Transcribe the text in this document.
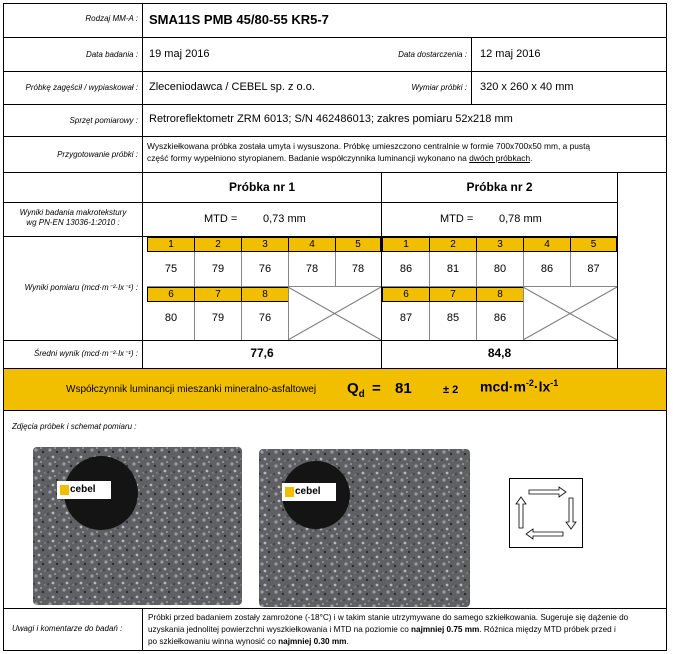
Rodzaj MM-A : SMA11S PMB 45/80-55 KR5-7
Data badania : 19 maj 2016	Data dostarczenia : 12 maj 2016
Próbkę zagęścił / wypiaskował : Zleceniodawca / CEBEL sp. z o.o.	Wymiar próbki : 320 x 260 x 40 mm
Sprzęt pomiarowy : Retroreflektometr ZRM 6013; S/N 462486013; zakres pomiaru 52x218 mm
Przygotowanie próbki :
Wyszkiełkowana próbka została umyta i wysuszona. Próbkę umieszczono centralnie w formie 700x700x50 mm, a pustą
część formy wypełniono styropianem. Badanie współczynnika luminancji wykonano na dwóch próbkach.
Próbka nr 1	Próbka nr 2
Wyniki badania makrotekstury
wg PN-EN 13036-1:2010 :	MTD = 0,73 mm	MTD = 0,78 mm
Wyniki pomiaru (mcd·m⁻²·lx⁻¹) :
1	2	3	4	5
75	79	76	78	78
6	7	8
80	79	76
1	2	3	4	5
86	81	80	86	87
6	7	8
87	85	86
Średni wynik (mcd·m⁻²·lx⁻¹) :	77,6	84,8
Współczynnik luminancji mieszanki mineralno-asfaltowej $Q_d = 81$	± 2 $mcd\cdot m^{-2}\cdot lx^{-1}$
Zdjęcia próbek i schemat pomiaru :
cebel	cebel
Uwagi i komentarze do badań :
Próbki przed badaniem zostały zamrożone (-18°C) i w takim stanie utrzymywane do samego szkiełkowania. Sugeruje się dążenie do
uzyskania jednolitej powierzchni wyszkiełkowania i MTD na poziomie co najmniej 0.75 mm. Różnica między MTD próbek przed i
po szkiełkowaniu winna wynosić co najmniej 0.30 mm.
